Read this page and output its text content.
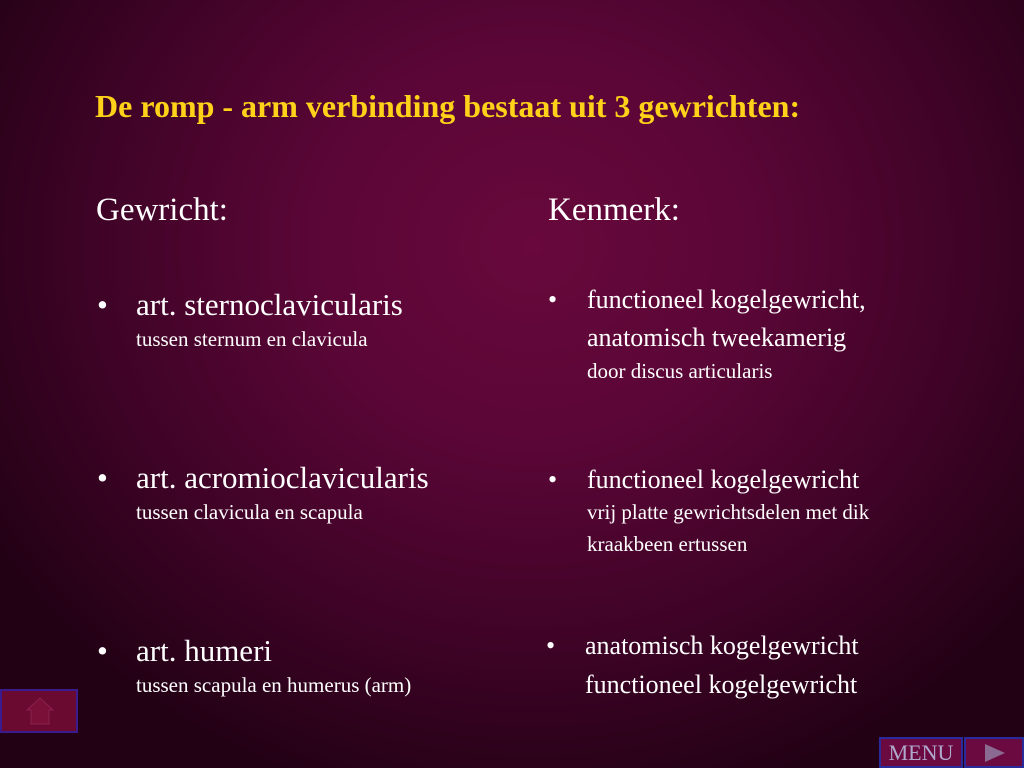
De romp - arm verbinding bestaat uit 3 gewrichten:
Gewricht:	Kenmerk:
• art. sternoclavicularis
tussen sternum en clavicula
• art. acromioclavicularis
tussen clavicula en scapula
• art. humeri
tussen scapula en humerus (arm)
• functioneel kogelgewricht,
anatomisch tweekamerig
door discus articularis
• functioneel kogelgewricht
vrij platte gewrichtsdelen met dik
kraakbeen ertussen
• anatomisch kogelgewricht
functioneel kogelgewricht
MENU
